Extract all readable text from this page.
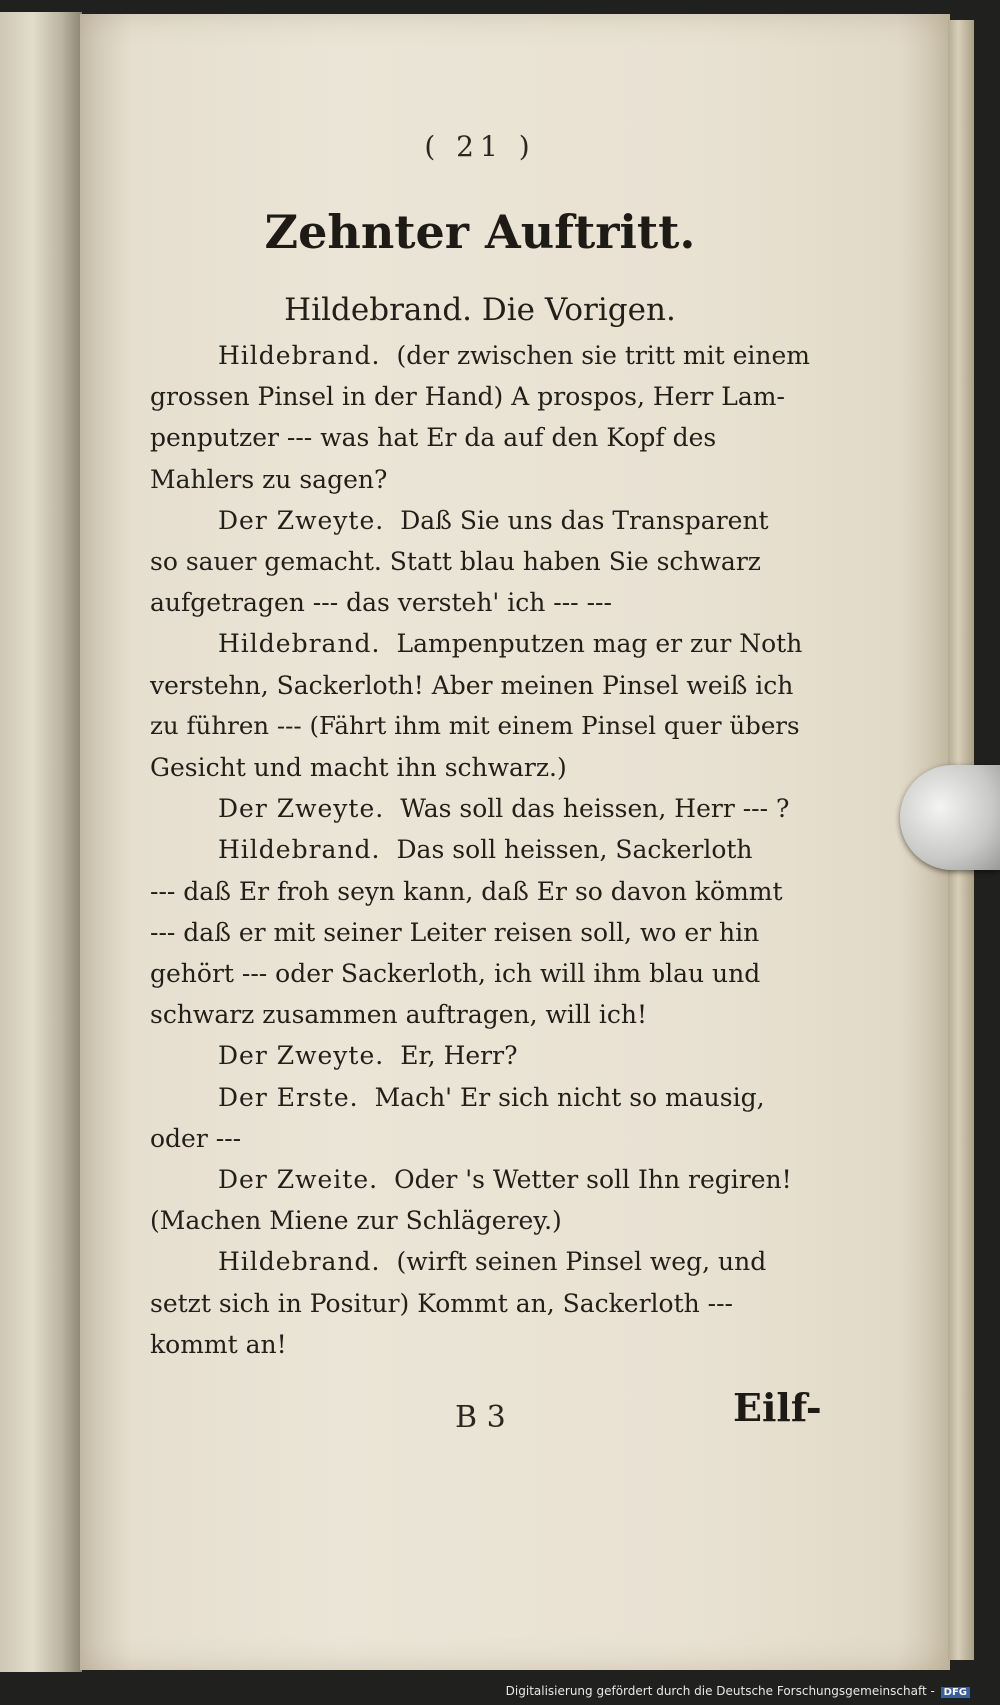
( 21 )
Zehnter Auftritt.
Hildebrand. Die Vorigen.
Hildebrand. (der zwischen sie tritt mit einem
grossen Pinsel in der Hand) A prospos, Herr Lam-
penputzer --- was hat Er da auf den Kopf des
Mahlers zu sagen?
Der Zweyte. Daß Sie uns das Transparent
so sauer gemacht. Statt blau haben Sie schwarz
aufgetragen --- das versteh' ich --- ---
Hildebrand. Lampenputzen mag er zur Noth
verstehn, Sackerloth! Aber meinen Pinsel weiß ich
zu führen --- (Fährt ihm mit einem Pinsel quer übers
Gesicht und macht ihn schwarz.)
Der Zweyte. Was soll das heissen, Herr --- ?
Hildebrand. Das soll heissen, Sackerloth
--- daß Er froh seyn kann, daß Er so davon kömmt
--- daß er mit seiner Leiter reisen soll, wo er hin
gehört --- oder Sackerloth, ich will ihm blau und
schwarz zusammen auftragen, will ich!
Der Zweyte. Er, Herr?
Der Erste. Mach' Er sich nicht so mausig,
oder ---
Der Zweite. Oder 's Wetter soll Ihn regiren!
(Machen Miene zur Schlägerey.)
Hildebrand. (wirft seinen Pinsel weg, und
setzt sich in Positur) Kommt an, Sackerloth ---
kommt an!
B 3	Eilf-
Digitalisierung gefördert durch die Deutsche Forschungsgemeinschaft - DFG
